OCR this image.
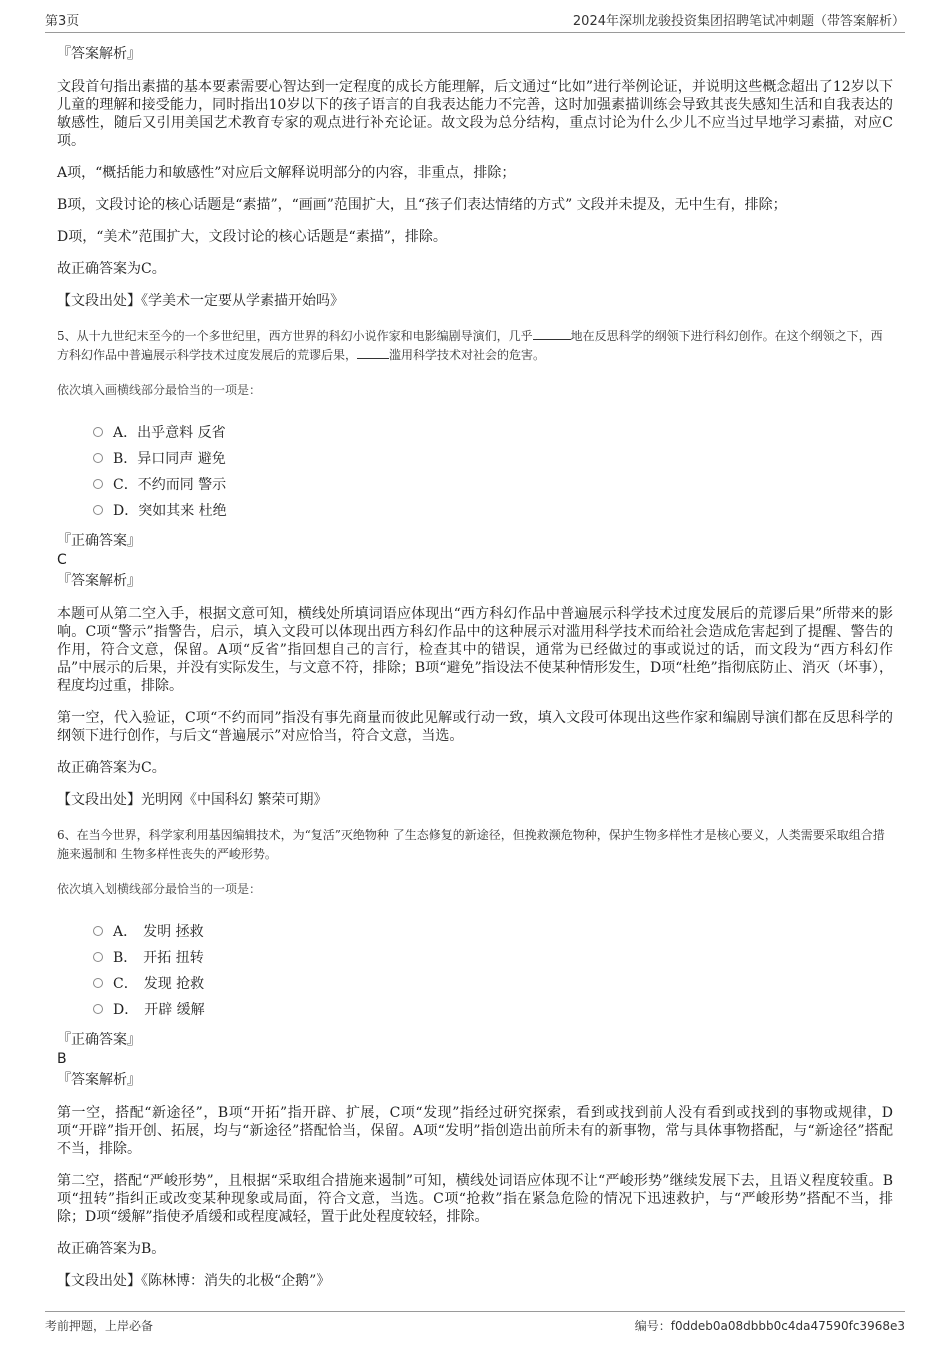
第3页	2024年深圳龙骏投资集团招聘笔试冲刺题（带答案解析）
『答案解析』
文段首句指出素描的基本要素需要心智达到一定程度的成长方能理解，后文通过“比如”进行举例论证，并说明这些概念超出了12岁以下儿童的理解和接受能力，同时指出10岁以下的孩子语言的自我表达能力不完善，这时加强素描训练会导致其丧失感知生活和自我表达的敏感性，随后又引用美国艺术教育专家的观点进行补充论证。故文段为总分结构，重点讨论为什么少儿不应当过早地学习素描，对应C项。
A项，“概括能力和敏感性”对应后文解释说明部分的内容，非重点，排除；
B项，文段讨论的核心话题是“素描”，“画画”范围扩大，且“孩子们表达情绪的方式” 文段并未提及，无中生有，排除；
D项，“美术”范围扩大，文段讨论的核心话题是“素描”，排除。
故正确答案为C。
【文段出处】《学美术一定要从学素描开始吗》
5、从十九世纪末至今的一个多世纪里，西方世界的科幻小说作家和电影编剧导演们，几乎	地在反思科学的纲领下进行科幻创作。在这个纲领之下，西方科幻作品中普遍展示科学技术过度发展后的荒谬后果，	滥用科学技术对社会的危害。
依次填入画横线部分最恰当的一项是：
A． 出乎意料 反省
B． 异口同声 避免
C． 不约而同 警示
D． 突如其来 杜绝
『正确答案』
C
『答案解析』
本题可从第二空入手，根据文意可知，横线处所填词语应体现出“西方科幻作品中普遍展示科学技术过度发展后的荒谬后果”所带来的影响。C项“警示”指警告，启示，填入文段可以体现出西方科幻作品中的这种展示对滥用科学技术而给社会造成危害起到了提醒、警告的作用，符合文意，保留。A项“反省”指回想自己的言行，检查其中的错误，通常为已经做过的事或说过的话，而文段为“西方科幻作品”中展示的后果，并没有实际发生，与文意不符，排除；B项“避免”指设法不使某种情形发生，D项“杜绝”指彻底防止、消灭（坏事），程度均过重，排除。
第一空，代入验证，C项“不约而同”指没有事先商量而彼此见解或行动一致，填入文段可体现出这些作家和编剧导演们都在反思科学的纲领下进行创作，与后文“普遍展示”对应恰当，符合文意，当选。
故正确答案为C。
【文段出处】光明网《中国科幻 繁荣可期》
6、在当今世界，科学家利用基因编辑技术，为“复活”灭绝物种 了生态修复的新途径，但挽救濒危物种，保护生物多样性才是核心要义，人类需要采取组合措施来遏制和 生物多样性丧失的严峻形势。
依次填入划横线部分最恰当的一项是：
A． 发明 拯救
B． 开拓 扭转
C． 发现 抢救
D． 开辟 缓解
『正确答案』
B
『答案解析』
第一空，搭配“新途径”，B项“开拓”指开辟、扩展，C项“发现”指经过研究探索，看到或找到前人没有看到或找到的事物或规律，D项“开辟”指开创、拓展，均与“新途径”搭配恰当，保留。A项“发明”指创造出前所未有的新事物，常与具体事物搭配，与“新途径”搭配不当，排除。
第二空，搭配“严峻形势”，且根据“采取组合措施来遏制”可知，横线处词语应体现不让“严峻形势”继续发展下去，且语义程度较重。B项“扭转”指纠正或改变某种现象或局面，符合文意，当选。C项“抢救”指在紧急危险的情况下迅速救护，与“严峻形势”搭配不当，排除；D项“缓解”指使矛盾缓和或程度减轻，置于此处程度较轻，排除。
故正确答案为B。
【文段出处】《陈林博：消失的北极“企鹅”》
考前押题，上岸必备	编号：f0ddeb0a08dbbb0c4da47590fc3968e3
